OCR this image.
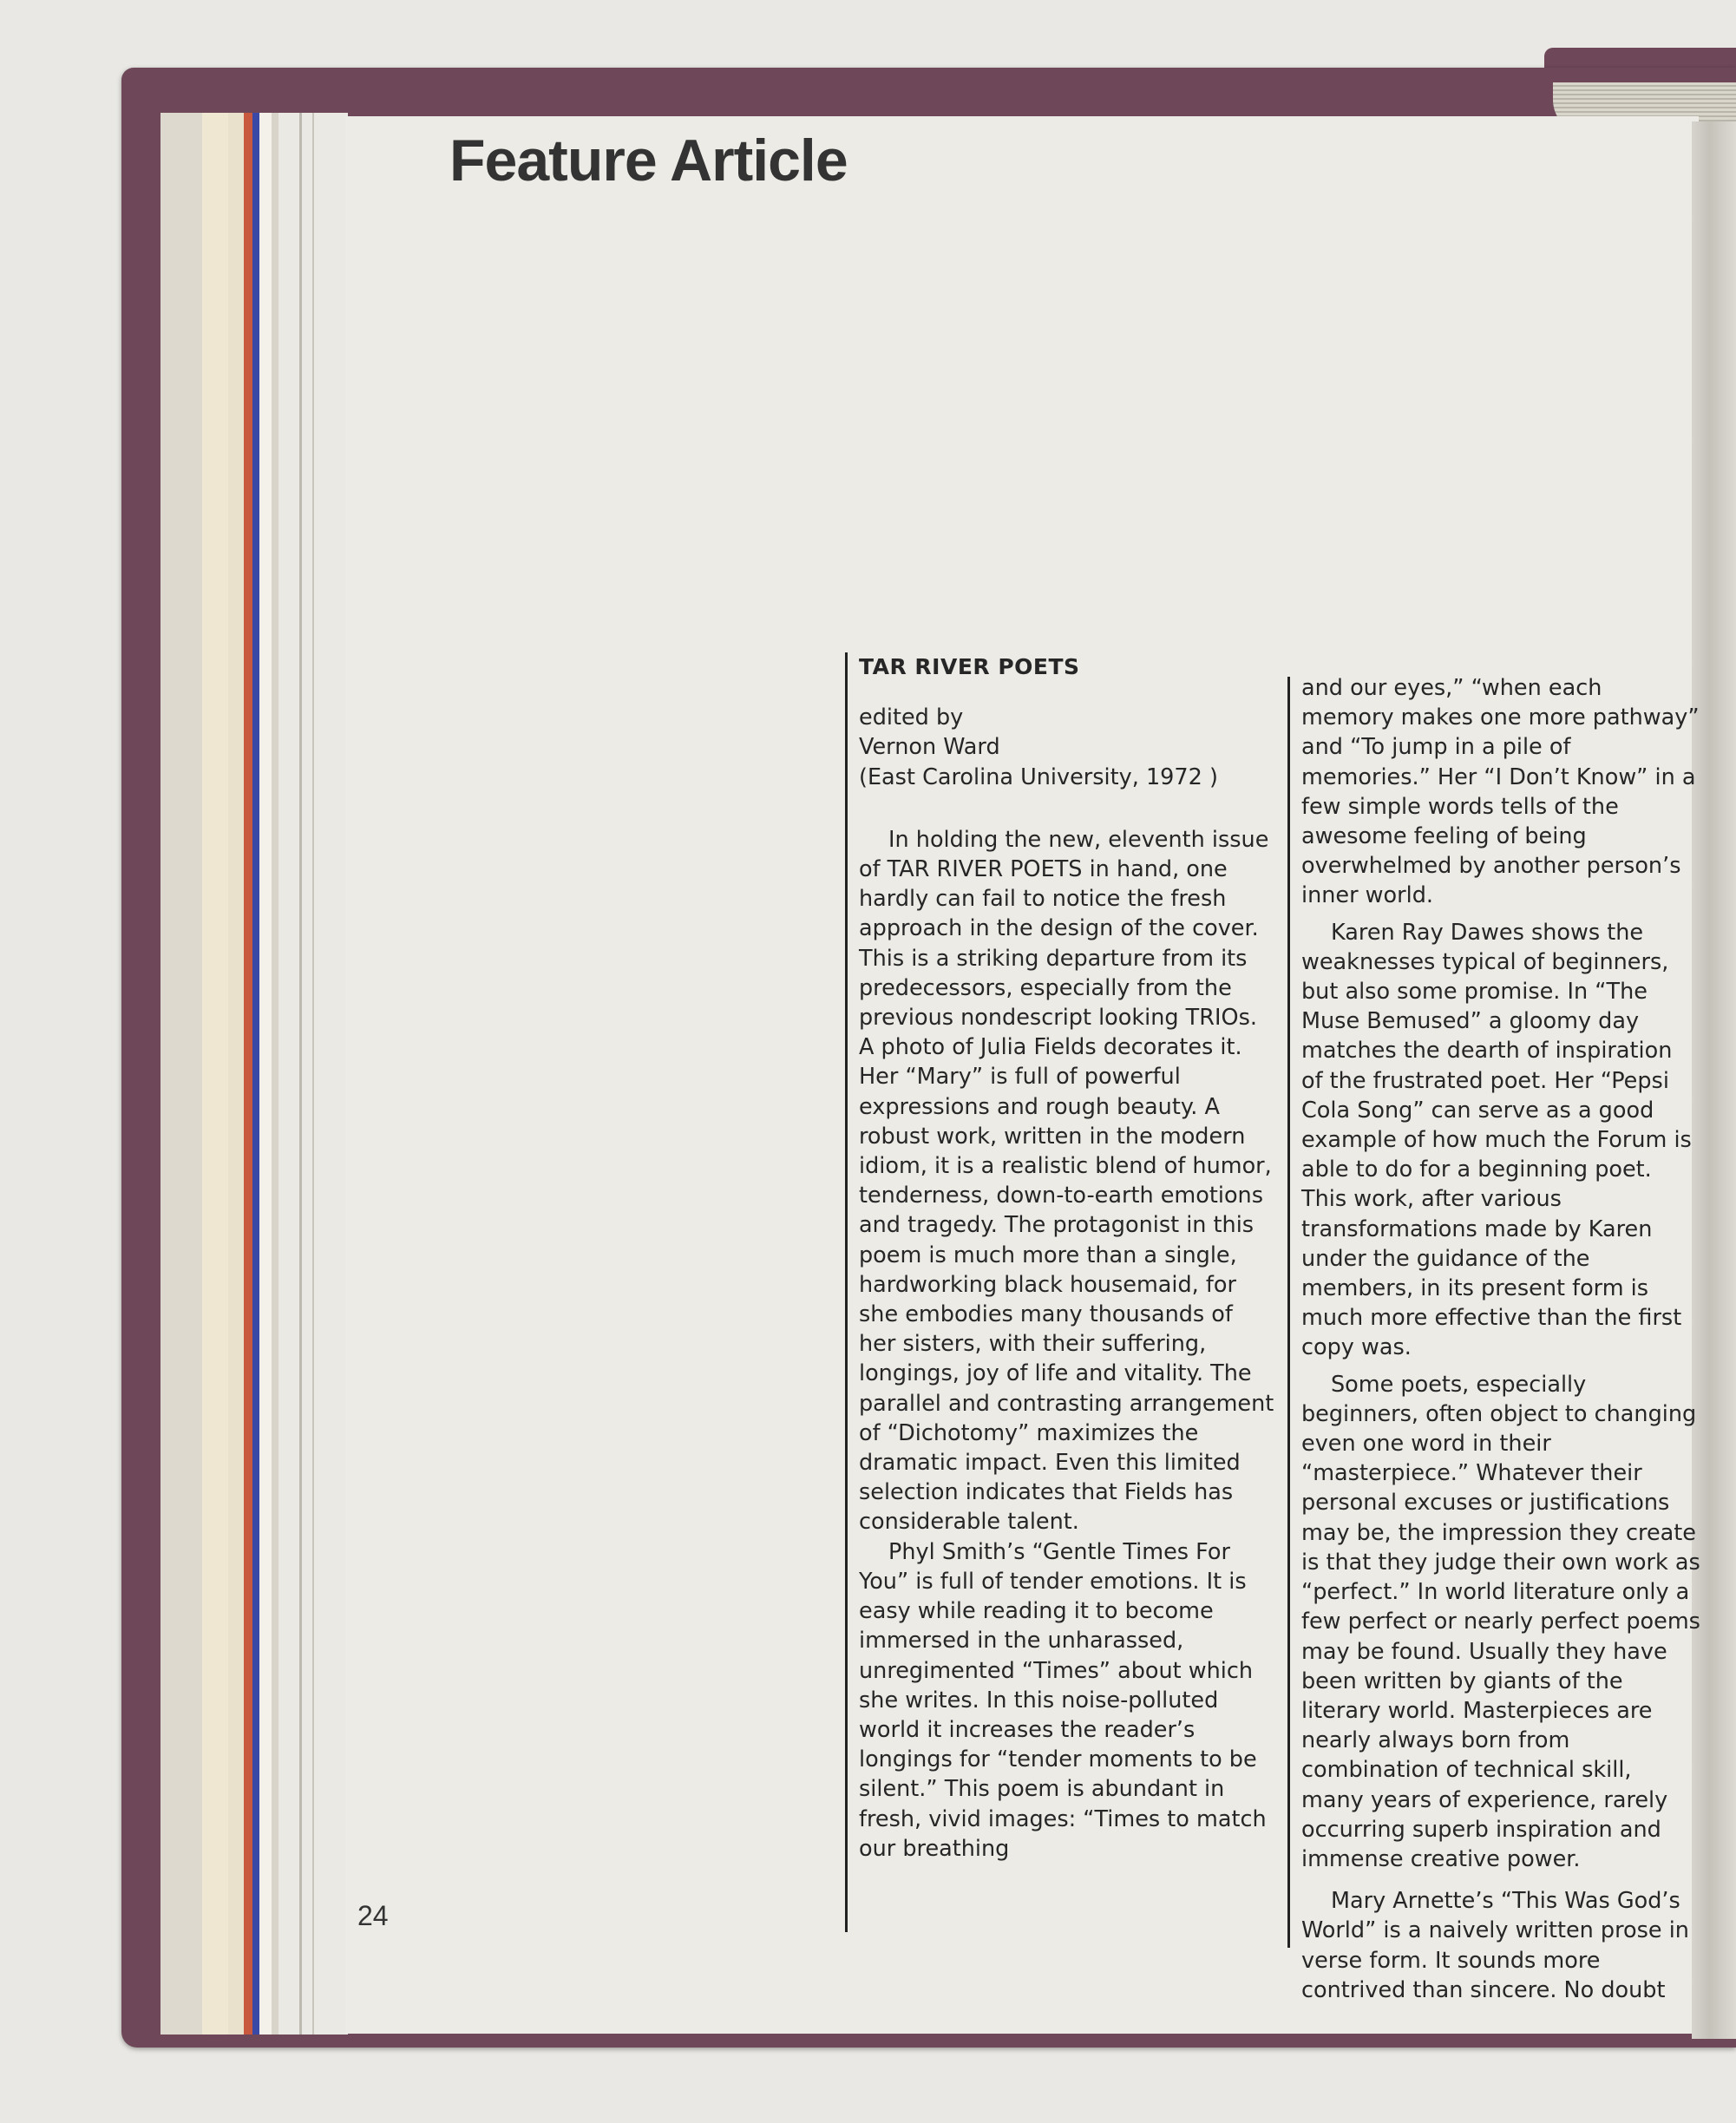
Feature Article
24

TAR RIVER POETS

edited by

Vernon Ward

(East Carolina University, 1972 )

In holding the new, eleventh issue of TAR RIVER POETS in hand, one hardly can fail to notice the fresh approach in the design of the cover. This is a striking departure from its predecessors, especially from the previous nondescript looking TRIOs. A photo of Julia Fields decorates it. Her “Mary” is full of powerful expressions and rough beauty. A robust work, written in the modern idiom, it is a realistic blend of humor, tenderness, down-to-earth emotions and tragedy. The protagonist in this poem is much more than a single, hardworking black housemaid, for she embodies many thousands of her sisters, with their suffering, longings, joy of life and vitality. The parallel and contrasting arrangement of “Dichotomy” maximizes the dramatic impact. Even this limited selection indicates that Fields has considerable talent.

Phyl Smith’s “Gentle Times For You” is full of tender emotions. It is easy while reading it to become immersed in the unharassed, unregimented “Times” about which she writes. In this noise-polluted world it increases the reader’s longings for “tender moments to be silent.” This poem is abundant in fresh, vivid images: “Times to match our breathing

and our eyes,” “when each memory makes one more pathway” and “To jump in a pile of memories.” Her “I Don’t Know” in a few simple words tells of the awesome feeling of being overwhelmed by another person’s inner world.

Karen Ray Dawes shows the weaknesses typical of beginners, but also some promise. In “The Muse Bemused” a gloomy day matches the dearth of inspiration of the frustrated poet. Her “Pepsi Cola Song” can serve as a good example of how much the Forum is able to do for a beginning poet. This work, after various transformations made by Karen under the guidance of the members, in its present form is much more effective than the first copy was.

Some poets, especially beginners, often object to changing even one word in their “masterpiece.” Whatever their personal excuses or justifications may be, the impression they create is that they judge their own work as “perfect.” In world literature only a few perfect or nearly perfect poems may be found. Usually they have been written by giants of the literary world. Masterpieces are nearly always born from combination of technical skill, many years of experience, rarely occurring superb inspiration and immense creative power.

Mary Arnette’s “This Was God’s World” is a naively written prose in verse form. It sounds more contrived than sincere. No doubt
